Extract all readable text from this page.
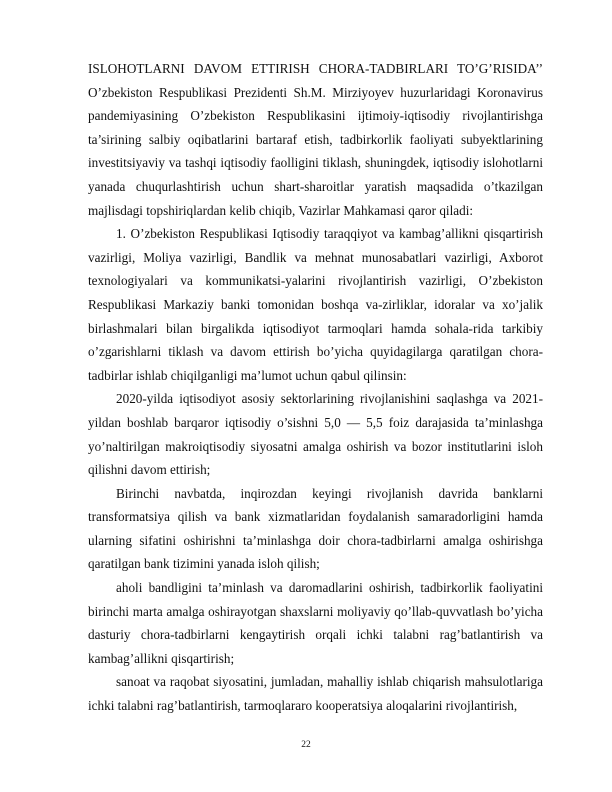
ISLOHOTLARNI DAVOM ETTIRISH CHORA-TADBIRLARI TO’G’RISIDA’’ O’zbekiston Respublikasi Prezidenti Sh.M. Mirziyoyev huzurlaridagi Koronavirus pandemiyasining O’zbekiston Respublikasini ijtimoiy-iqtisodiy rivojlantirishga ta’sirining salbiy oqibatlarini bartaraf etish, tadbirkorlik faoliyati subyektlarining investitsiyaviy va tashqi iqtisodiy faolligini tiklash, shuningdek, iqtisodiy islohotlarni yanada chuqurlashtirish uchun shart-sharoitlar yaratish maqsadida o’tkazilgan majlisdagi topshiriqlardan kelib chiqib, Vazirlar Mahkamasi qaror qiladi:

1. O’zbekiston Respublikasi Iqtisodiy taraqqiyot va kambag’allikni qisqartirish vazirligi, Moliya vazirligi, Bandlik va mehnat munosabatlari vazirligi, Axborot texnologiyalari va kommunikatsi-yalarini rivojlantirish vazirligi, O’zbekiston Respublikasi Markaziy banki tomonidan boshqa va-zirliklar, idoralar va xo’jalik birlashmalari bilan birgalikda iqtisodiyot tarmoqlari hamda sohala-rida tarkibiy o’zgarishlarni tiklash va davom ettirish bo’yicha quyidagilarga qaratilgan chora-tadbirlar ishlab chiqilganligi ma’lumot uchun qabul qilinsin:

2020-yilda iqtisodiyot asosiy sektorlarining rivojlanishini saqlashga va 2021-yildan boshlab barqaror iqtisodiy o’sishni 5,0 — 5,5 foiz darajasida ta’minlashga yo’naltirilgan makroiqtisodiy siyosatni amalga oshirish va bozor institutlarini isloh qilishni davom ettirish;

Birinchi navbatda, inqirozdan keyingi rivojlanish davrida banklarni transformatsiya qilish va bank xizmatlaridan foydalanish samaradorligini hamda ularning sifatini oshirishni ta’minlashga doir chora-tadbirlarni amalga oshirishga qaratilgan bank tizimini yanada isloh qilish;

aholi bandligini ta’minlash va daromadlarini oshirish, tadbirkorlik faoliyatini birinchi marta amalga oshirayotgan shaxslarni moliyaviy qo’llab-quvvatlash bo’yicha dasturiy chora-tadbirlarni kengaytirish orqali ichki talabni rag’batlantirish va kambag’allikni qisqartirish;

sanoat va raqobat siyosatini, jumladan, mahalliy ishlab chiqarish mahsulotlariga ichki talabni rag’batlantirish, tarmoqlararo kooperatsiya aloqalarini rivojlantirish,

22
